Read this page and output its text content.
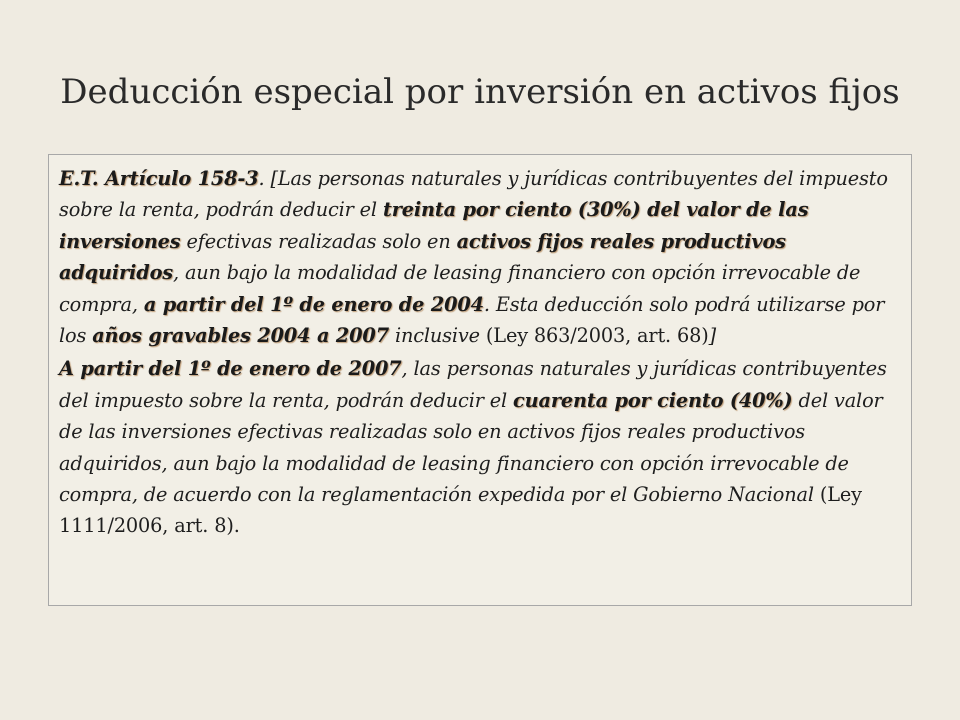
Deducción especial por inversión en activos fijos

E.T. Artículo 158-3. [Las personas naturales y jurídicas contribuyentes del impuesto sobre la renta, podrán deducir el treinta por ciento (30%) del valor de las inversiones efectivas realizadas solo en activos fijos reales productivos adquiridos, aun bajo la modalidad de leasing financiero con opción irrevocable de compra, a partir del 1º de enero de 2004. Esta deducción solo podrá utilizarse por los años gravables 2004 a 2007 inclusive (Ley 863/2003, art. 68)]

A partir del 1º de enero de 2007, las personas naturales y jurídicas contribuyentes del impuesto sobre la renta, podrán deducir el cuarenta por ciento (40%) del valor de las inversiones efectivas realizadas solo en activos fijos reales productivos adquiridos, aun bajo la modalidad de leasing financiero con opción irrevocable de compra, de acuerdo con la reglamentación expedida por el Gobierno Nacional (Ley 1111/2006, art. 8).
